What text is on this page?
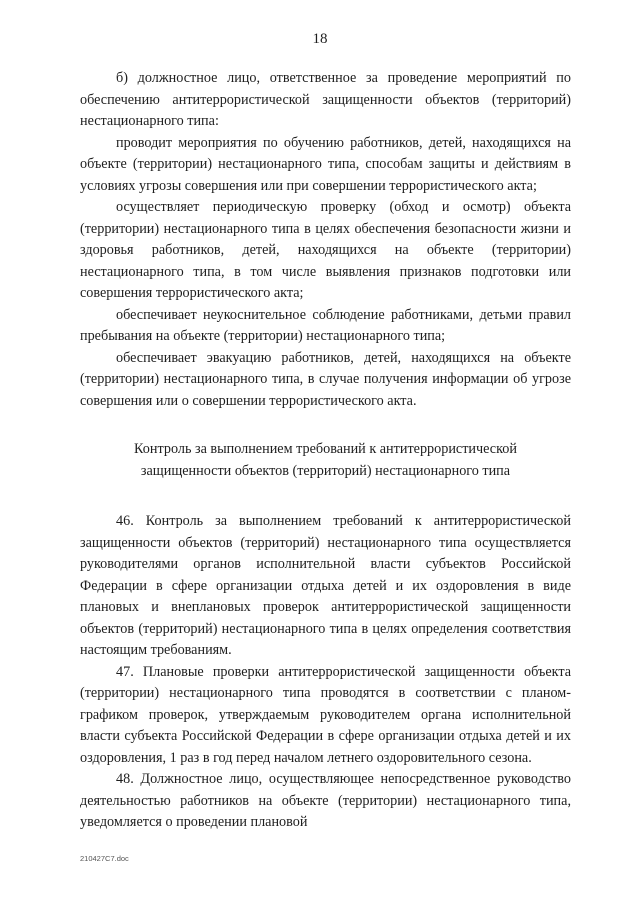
18

б) должностное лицо, ответственное за проведение мероприятий по обеспечению антитеррористической защищенности объектов (территорий) нестационарного типа:

проводит мероприятия по обучению работников, детей, находящихся на объекте (территории) нестационарного типа, способам защиты и действиям в условиях угрозы совершения или при совершении террористического акта;

осуществляет периодическую проверку (обход и осмотр) объекта (территории) нестационарного типа в целях обеспечения безопасности жизни и здоровья работников, детей, находящихся на объекте (территории) нестационарного типа, в том числе выявления признаков подготовки или совершения террористического акта;

обеспечивает неукоснительное соблюдение работниками, детьми правил пребывания на объекте (территории) нестационарного типа;

обеспечивает эвакуацию работников, детей, находящихся на объекте (территории) нестационарного типа, в случае получения информации об угрозе совершения или о совершении террористического акта.

Контроль за выполнением требований к антитеррористической
защищенности объектов (территорий) нестационарного типа

46. Контроль за выполнением требований к антитеррористической защищенности объектов (территорий) нестационарного типа осуществляется руководителями органов исполнительной власти субъектов Российской Федерации в сфере организации отдыха детей и их оздоровления в виде плановых и внеплановых проверок антитеррористической защищенности объектов (территорий) нестационарного типа в целях определения соответствия настоящим требованиям.

47. Плановые проверки антитеррористической защищенности объекта (территории) нестационарного типа проводятся в соответствии с планом-графиком проверок, утверждаемым руководителем органа исполнительной власти субъекта Российской Федерации в сфере организации отдыха детей и их оздоровления, 1 раз в год перед началом летнего оздоровительного сезона.

48. Должностное лицо, осуществляющее непосредственное руководство деятельностью работников на объекте (территории) нестационарного типа, уведомляется о проведении плановой

210427C7.doc
